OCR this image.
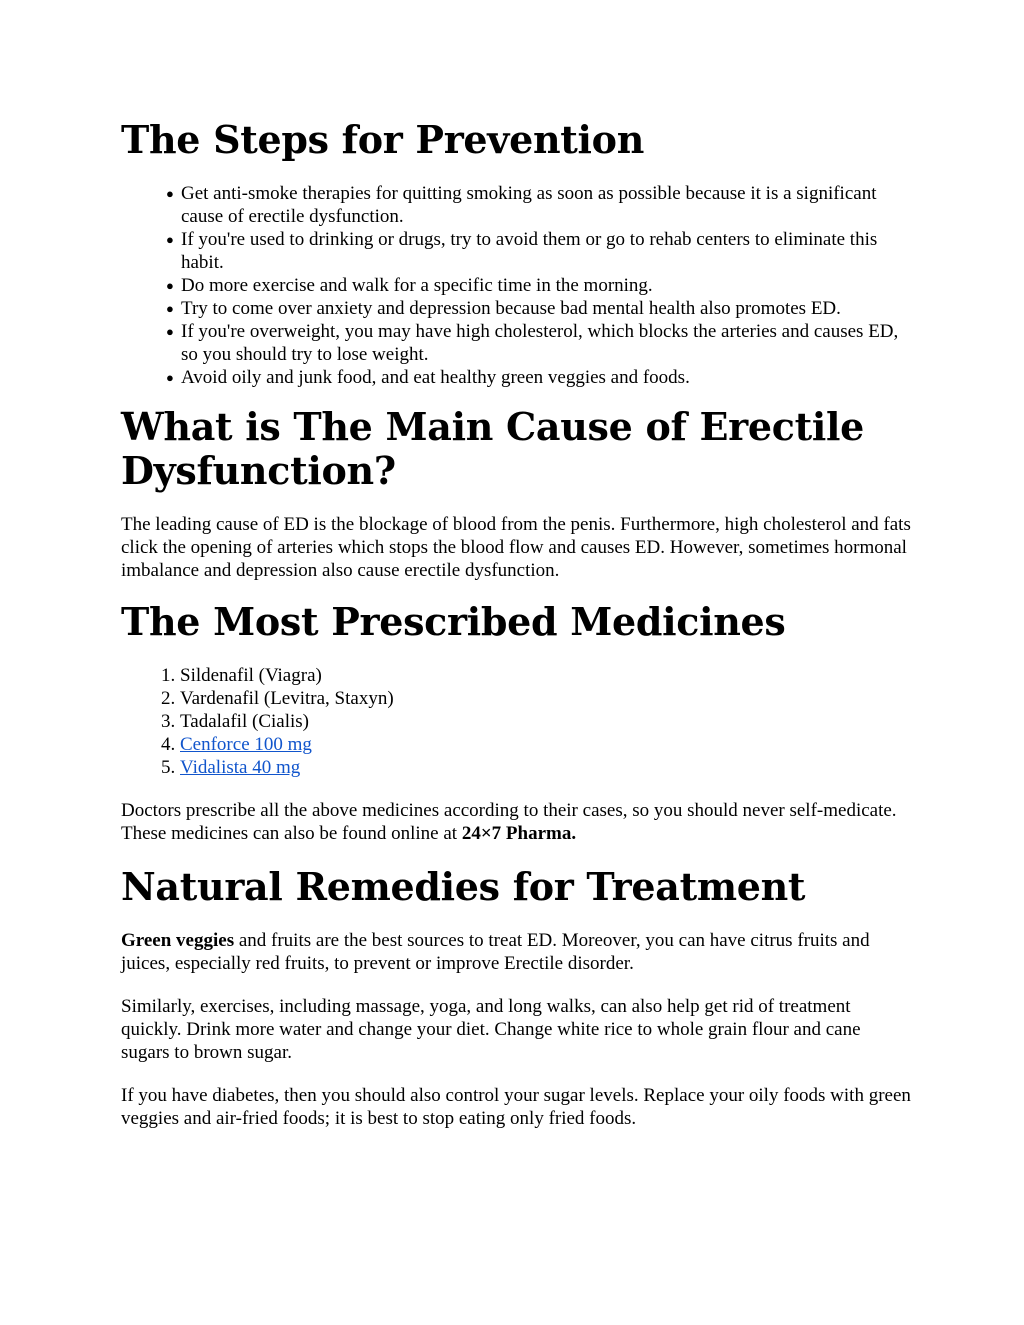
The Steps for Prevention
● Get anti-smoke therapies for quitting smoking as soon as possible because it is a significant cause of erectile dysfunction.
● If you're used to drinking or drugs, try to avoid them or go to rehab centers to eliminate this habit.
● Do more exercise and walk for a specific time in the morning.
● Try to come over anxiety and depression because bad mental health also promotes ED.
● If you're overweight, you may have high cholesterol, which blocks the arteries and causes ED, so you should try to lose weight.
● Avoid oily and junk food, and eat healthy green veggies and foods.
What is The Main Cause of Erectile Dysfunction?

The leading cause of ED is the blockage of blood from the penis. Furthermore, high cholesterol and fats click the opening of arteries which stops the blood flow and causes ED. However, sometimes hormonal imbalance and depression also cause erectile dysfunction.

The Most Prescribed Medicines
1. Sildenafil (Viagra)
2. Vardenafil (Levitra, Staxyn)
3. Tadalafil (Cialis)
4. Cenforce 100 mg
5. Vidalista 40 mg

Doctors prescribe all the above medicines according to their cases, so you should never self-medicate. These medicines can also be found online at 24×7 Pharma.

Natural Remedies for Treatment

Green veggies and fruits are the best sources to treat ED. Moreover, you can have citrus fruits and juices, especially red fruits, to prevent or improve Erectile disorder.

Similarly, exercises, including massage, yoga, and long walks, can also help get rid of treatment quickly. Drink more water and change your diet. Change white rice to whole grain flour and cane sugars to brown sugar.

If you have diabetes, then you should also control your sugar levels. Replace your oily foods with green veggies and air-fried foods; it is best to stop eating only fried foods.
